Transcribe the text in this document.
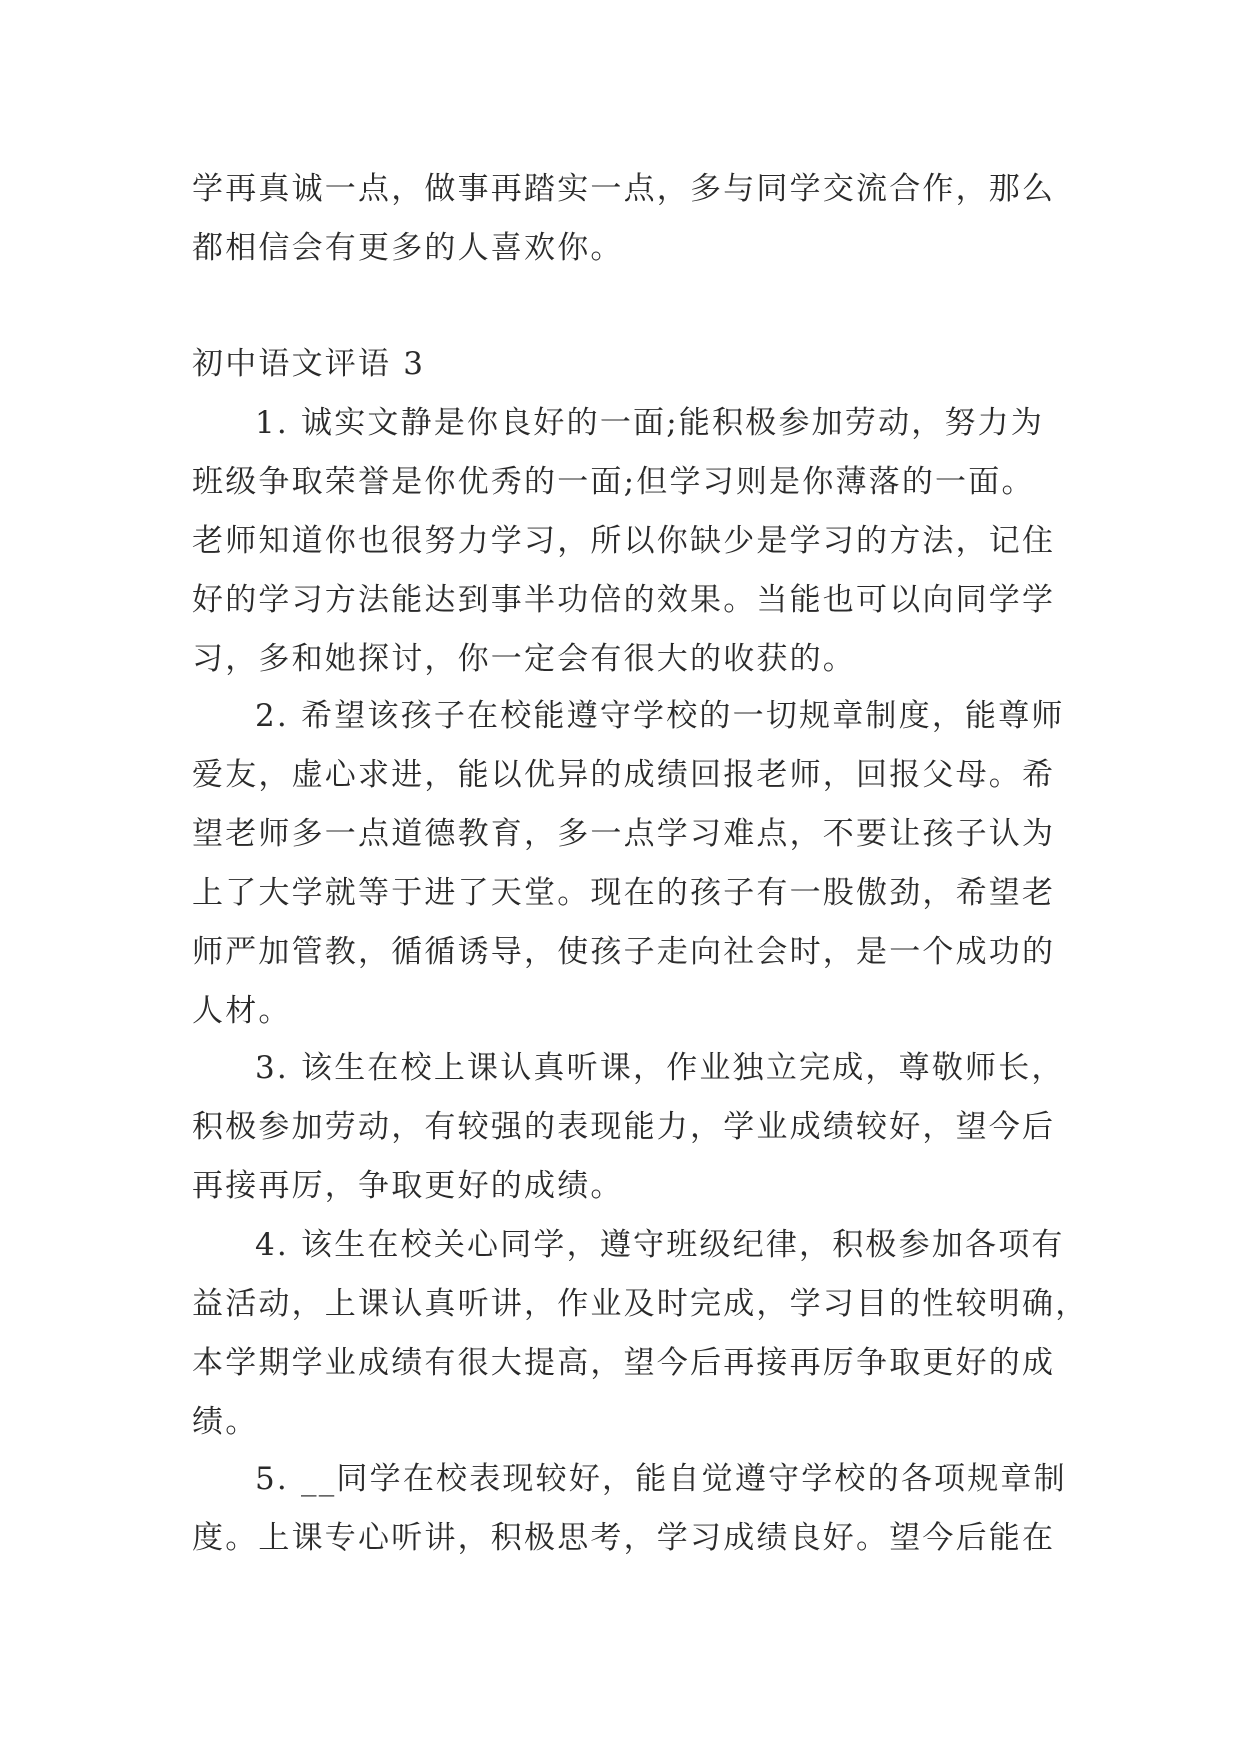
学再真诚一点，做事再踏实一点，多与同学交流合作，那么
都相信会有更多的人喜欢你。
初中语文评语 3
1. 诚实文静是你良好的一面;能积极参加劳动，努力为
班级争取荣誉是你优秀的一面;但学习则是你薄落的一面。
老师知道你也很努力学习，所以你缺少是学习的方法，记住
好的学习方法能达到事半功倍的效果。当能也可以向同学学
习，多和她探讨，你一定会有很大的收获的。
2. 希望该孩子在校能遵守学校的一切规章制度，能尊师
爱友，虚心求进，能以优异的成绩回报老师，回报父母。希
望老师多一点道德教育，多一点学习难点，不要让孩子认为
上了大学就等于进了天堂。现在的孩子有一股傲劲，希望老
师严加管教，循循诱导，使孩子走向社会时，是一个成功的
人材。
3. 该生在校上课认真听课，作业独立完成，尊敬师长，
积极参加劳动，有较强的表现能力，学业成绩较好，望今后
再接再厉，争取更好的成绩。
4. 该生在校关心同学，遵守班级纪律，积极参加各项有
益活动，上课认真听讲，作业及时完成，学习目的性较明确，
本学期学业成绩有很大提高，望今后再接再厉争取更好的成
绩。
5. __同学在校表现较好，能自觉遵守学校的各项规章制
度。上课专心听讲，积极思考，学习成绩良好。望今后能在
